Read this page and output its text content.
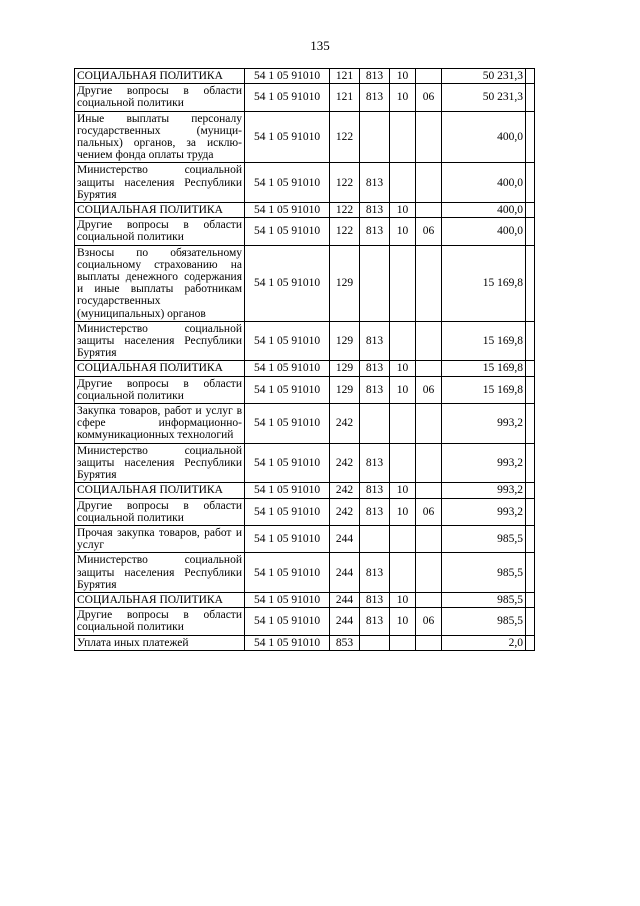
135
СОЦИАЛЬНАЯ ПОЛИТИКА	54 1 05 91010	121	813	10		50 231,3	
Другие вопросы в области социальной политики	54 1 05 91010	121	813	10	06	50 231,3	
Иные выплаты персоналу государственных (муниципальных) органов, за исключением фонда оплаты труда	54 1 05 91010	122				400,0	
Министерство социальной защиты населения Республики Бурятия	54 1 05 91010	122	813			400,0	
СОЦИАЛЬНАЯ ПОЛИТИКА	54 1 05 91010	122	813	10		400,0	
Другие вопросы в области социальной политики	54 1 05 91010	122	813	10	06	400,0	
Взносы по обязательному социальному страхованию на выплаты денежного содержания и иные выплаты работникам государственных (муниципальных) органов	54 1 05 91010	129				15 169,8	
Министерство социальной защиты населения Республики Бурятия	54 1 05 91010	129	813			15 169,8	
СОЦИАЛЬНАЯ ПОЛИТИКА	54 1 05 91010	129	813	10		15 169,8	
Другие вопросы в области социальной политики	54 1 05 91010	129	813	10	06	15 169,8	
Закупка товаров, работ и услуг в сфере информационно-коммуникационных технологий	54 1 05 91010	242				993,2	
Министерство социальной защиты населения Республики Бурятия	54 1 05 91010	242	813			993,2	
СОЦИАЛЬНАЯ ПОЛИТИКА	54 1 05 91010	242	813	10		993,2	
Другие вопросы в области социальной политики	54 1 05 91010	242	813	10	06	993,2	
Прочая закупка товаров, работ и услуг	54 1 05 91010	244				985,5	
Министерство социальной защиты населения Республики Бурятия	54 1 05 91010	244	813			985,5	
СОЦИАЛЬНАЯ ПОЛИТИКА	54 1 05 91010	244	813	10		985,5	
Другие вопросы в области социальной политики	54 1 05 91010	244	813	10	06	985,5	
Уплата иных платежей	54 1 05 91010	853				2,0	
